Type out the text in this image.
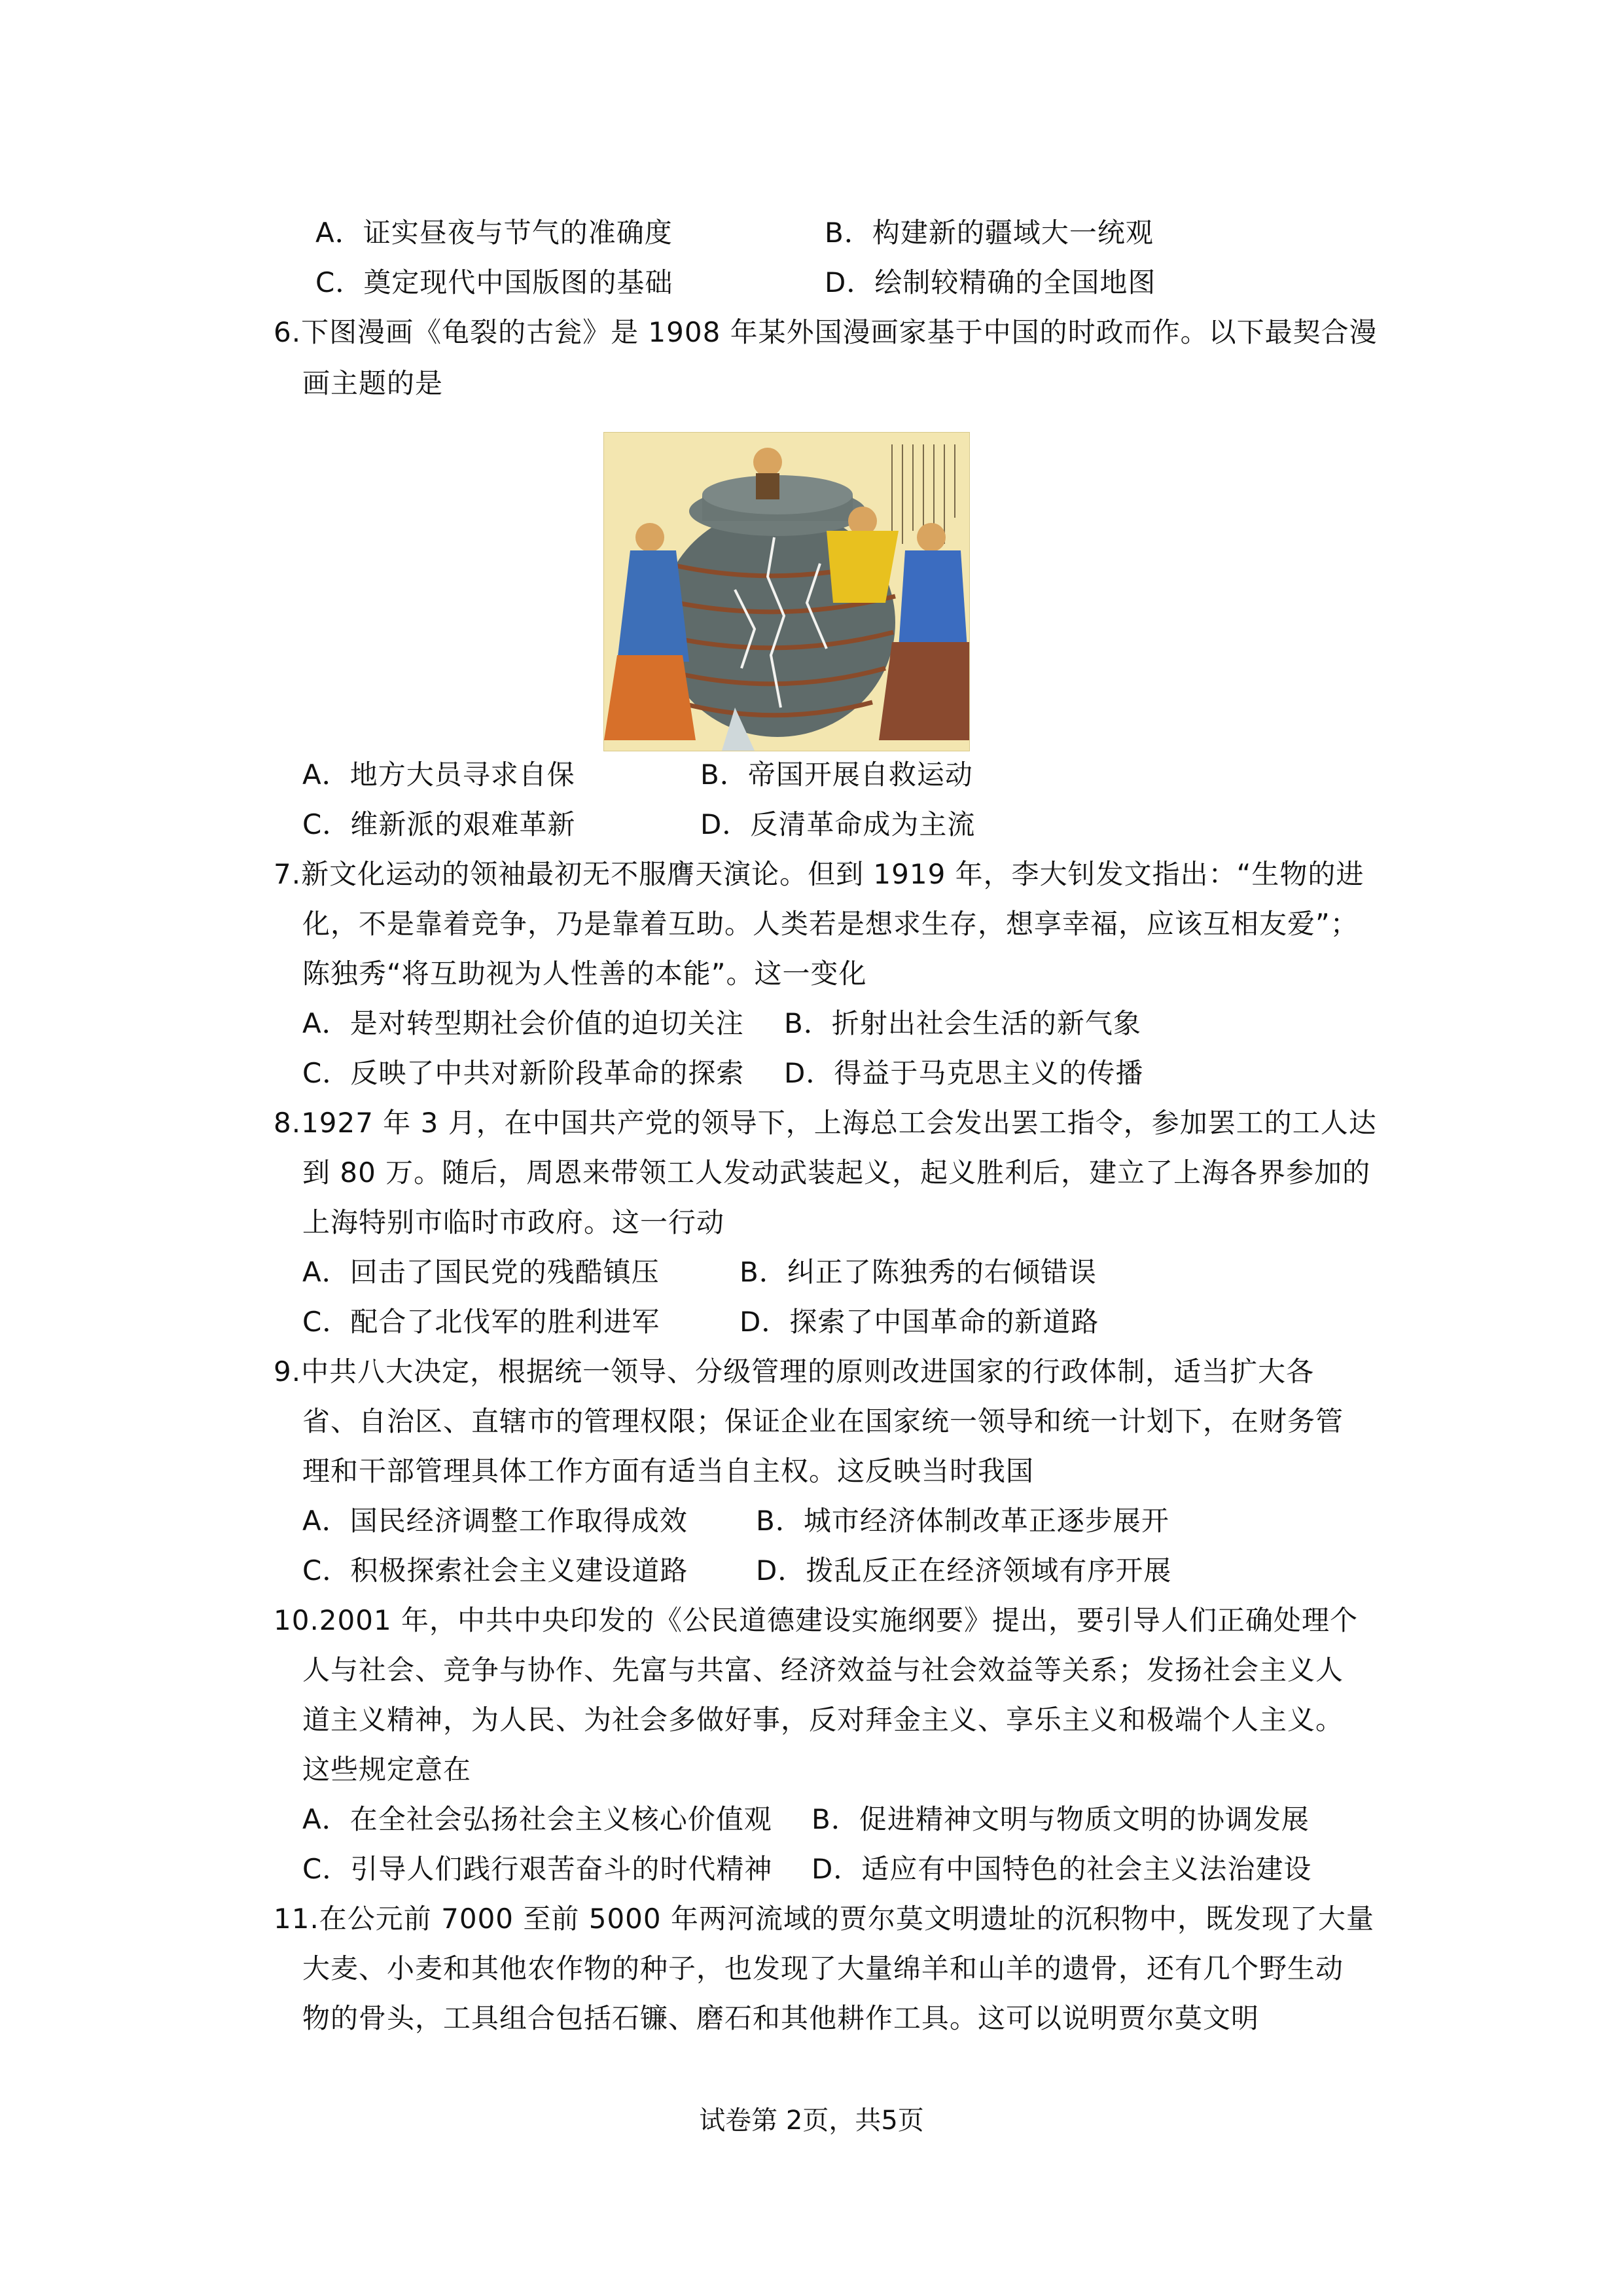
A．证实昼夜与节气的准确度	B．构建新的疆域大一统观
C．奠定现代中国版图的基础	D．绘制较精确的全国地图
6.下图漫画《龟裂的古瓮》是 1908 年某外国漫画家基于中国的时政而作。以下最契合漫
画主题的是
A．地方大员寻求自保	B．帝国开展自救运动
C．维新派的艰难革新	D．反清革命成为主流
7.新文化运动的领袖最初无不服膺天演论。但到 1919 年，李大钊发文指出：“生物的进
化，不是靠着竞争，乃是靠着互助。人类若是想求生存，想享幸福，应该互相友爱”；
陈独秀“将互助视为人性善的本能”。这一变化
A．是对转型期社会价值的迫切关注 B．折射出社会生活的新气象
C．反映了中共对新阶段革命的探索 D．得益于马克思主义的传播
8.1927 年 3 月，在中国共产党的领导下，上海总工会发出罢工指令，参加罢工的工人达
到 80 万。随后，周恩来带领工人发动武装起义，起义胜利后，建立了上海各界参加的
上海特别市临时市政府。这一行动
A．回击了国民党的残酷镇压	B．纠正了陈独秀的右倾错误
C．配合了北伐军的胜利进军	D．探索了中国革命的新道路
9.中共八大决定，根据统一领导、分级管理的原则改进国家的行政体制，适当扩大各
省、自治区、直辖市的管理权限；保证企业在国家统一领导和统一计划下，在财务管
理和干部管理具体工作方面有适当自主权。这反映当时我国
A．国民经济调整工作取得成效 B．城市经济体制改革正逐步展开
C．积极探索社会主义建设道路 D．拨乱反正在经济领域有序开展
10.2001 年，中共中央印发的《公民道德建设实施纲要》提出，要引导人们正确处理个
人与社会、竞争与协作、先富与共富、经济效益与社会效益等关系；发扬社会主义人
道主义精神，为人民、为社会多做好事，反对拜金主义、享乐主义和极端个人主义。
这些规定意在
A．在全社会弘扬社会主义核心价值观 B．促进精神文明与物质文明的协调发展
C．引导人们践行艰苦奋斗的时代精神 D．适应有中国特色的社会主义法治建设
11.在公元前 7000 至前 5000 年两河流域的贾尔莫文明遗址的沉积物中，既发现了大量
大麦、小麦和其他农作物的种子，也发现了大量绵羊和山羊的遗骨，还有几个野生动
物的骨头，工具组合包括石镰、磨石和其他耕作工具。这可以说明贾尔莫文明
试卷第 2页，共5页
